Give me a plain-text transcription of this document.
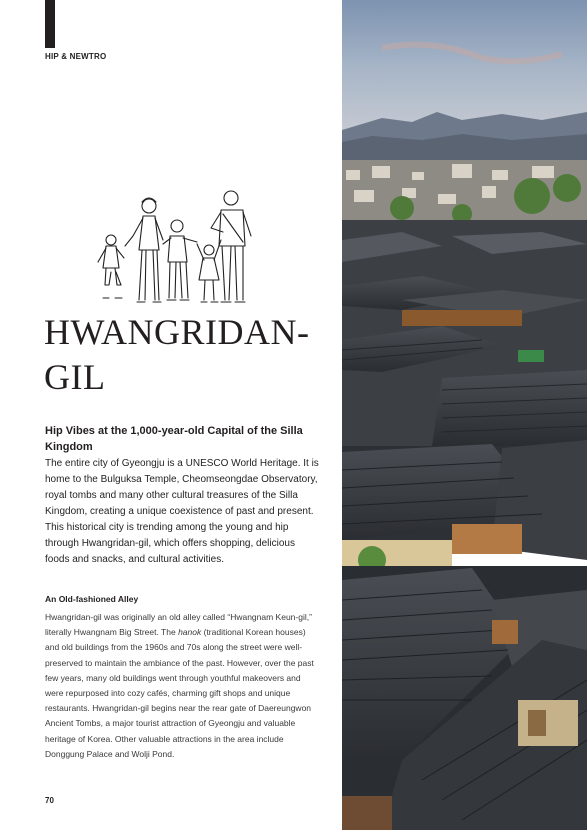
HIP & NEWTRO
HWANGRIDAN-GIL
Hip Vibes at the 1,000-year-old Capital of the Silla Kingdom

The entire city of Gyeongju is a UNESCO World Heritage. It is home to the Bulguksa Temple, Cheomseongdae Observatory, royal tombs and many other cultural treasures of the Silla Kingdom, creating a unique coexistence of past and present. This historical city is trending among the young and hip through Hwangridan-gil, which offers shopping, delicious foods and snacks, and cultural activities.

An Old-fashioned Alley

Hwangridan-gil was originally an old alley called “Hwangnam Keun-gil,” literally Hwangnam Big Street. The hanok (traditional Korean houses) and old buildings from the 1960s and 70s along the street were well-preserved to maintain the ambiance of the past. However, over the past few years, many old buildings went through youthful makeovers and were repurposed into cozy cafés, charming gift shops and unique restaurants. Hwangridan-gil begins near the rear gate of Daereungwon Ancient Tombs, a major tourist attraction of Gyeongju and valuable heritage of Korea. Other valuable attractions in the area include Donggung Palace and Wolji Pond.

70
